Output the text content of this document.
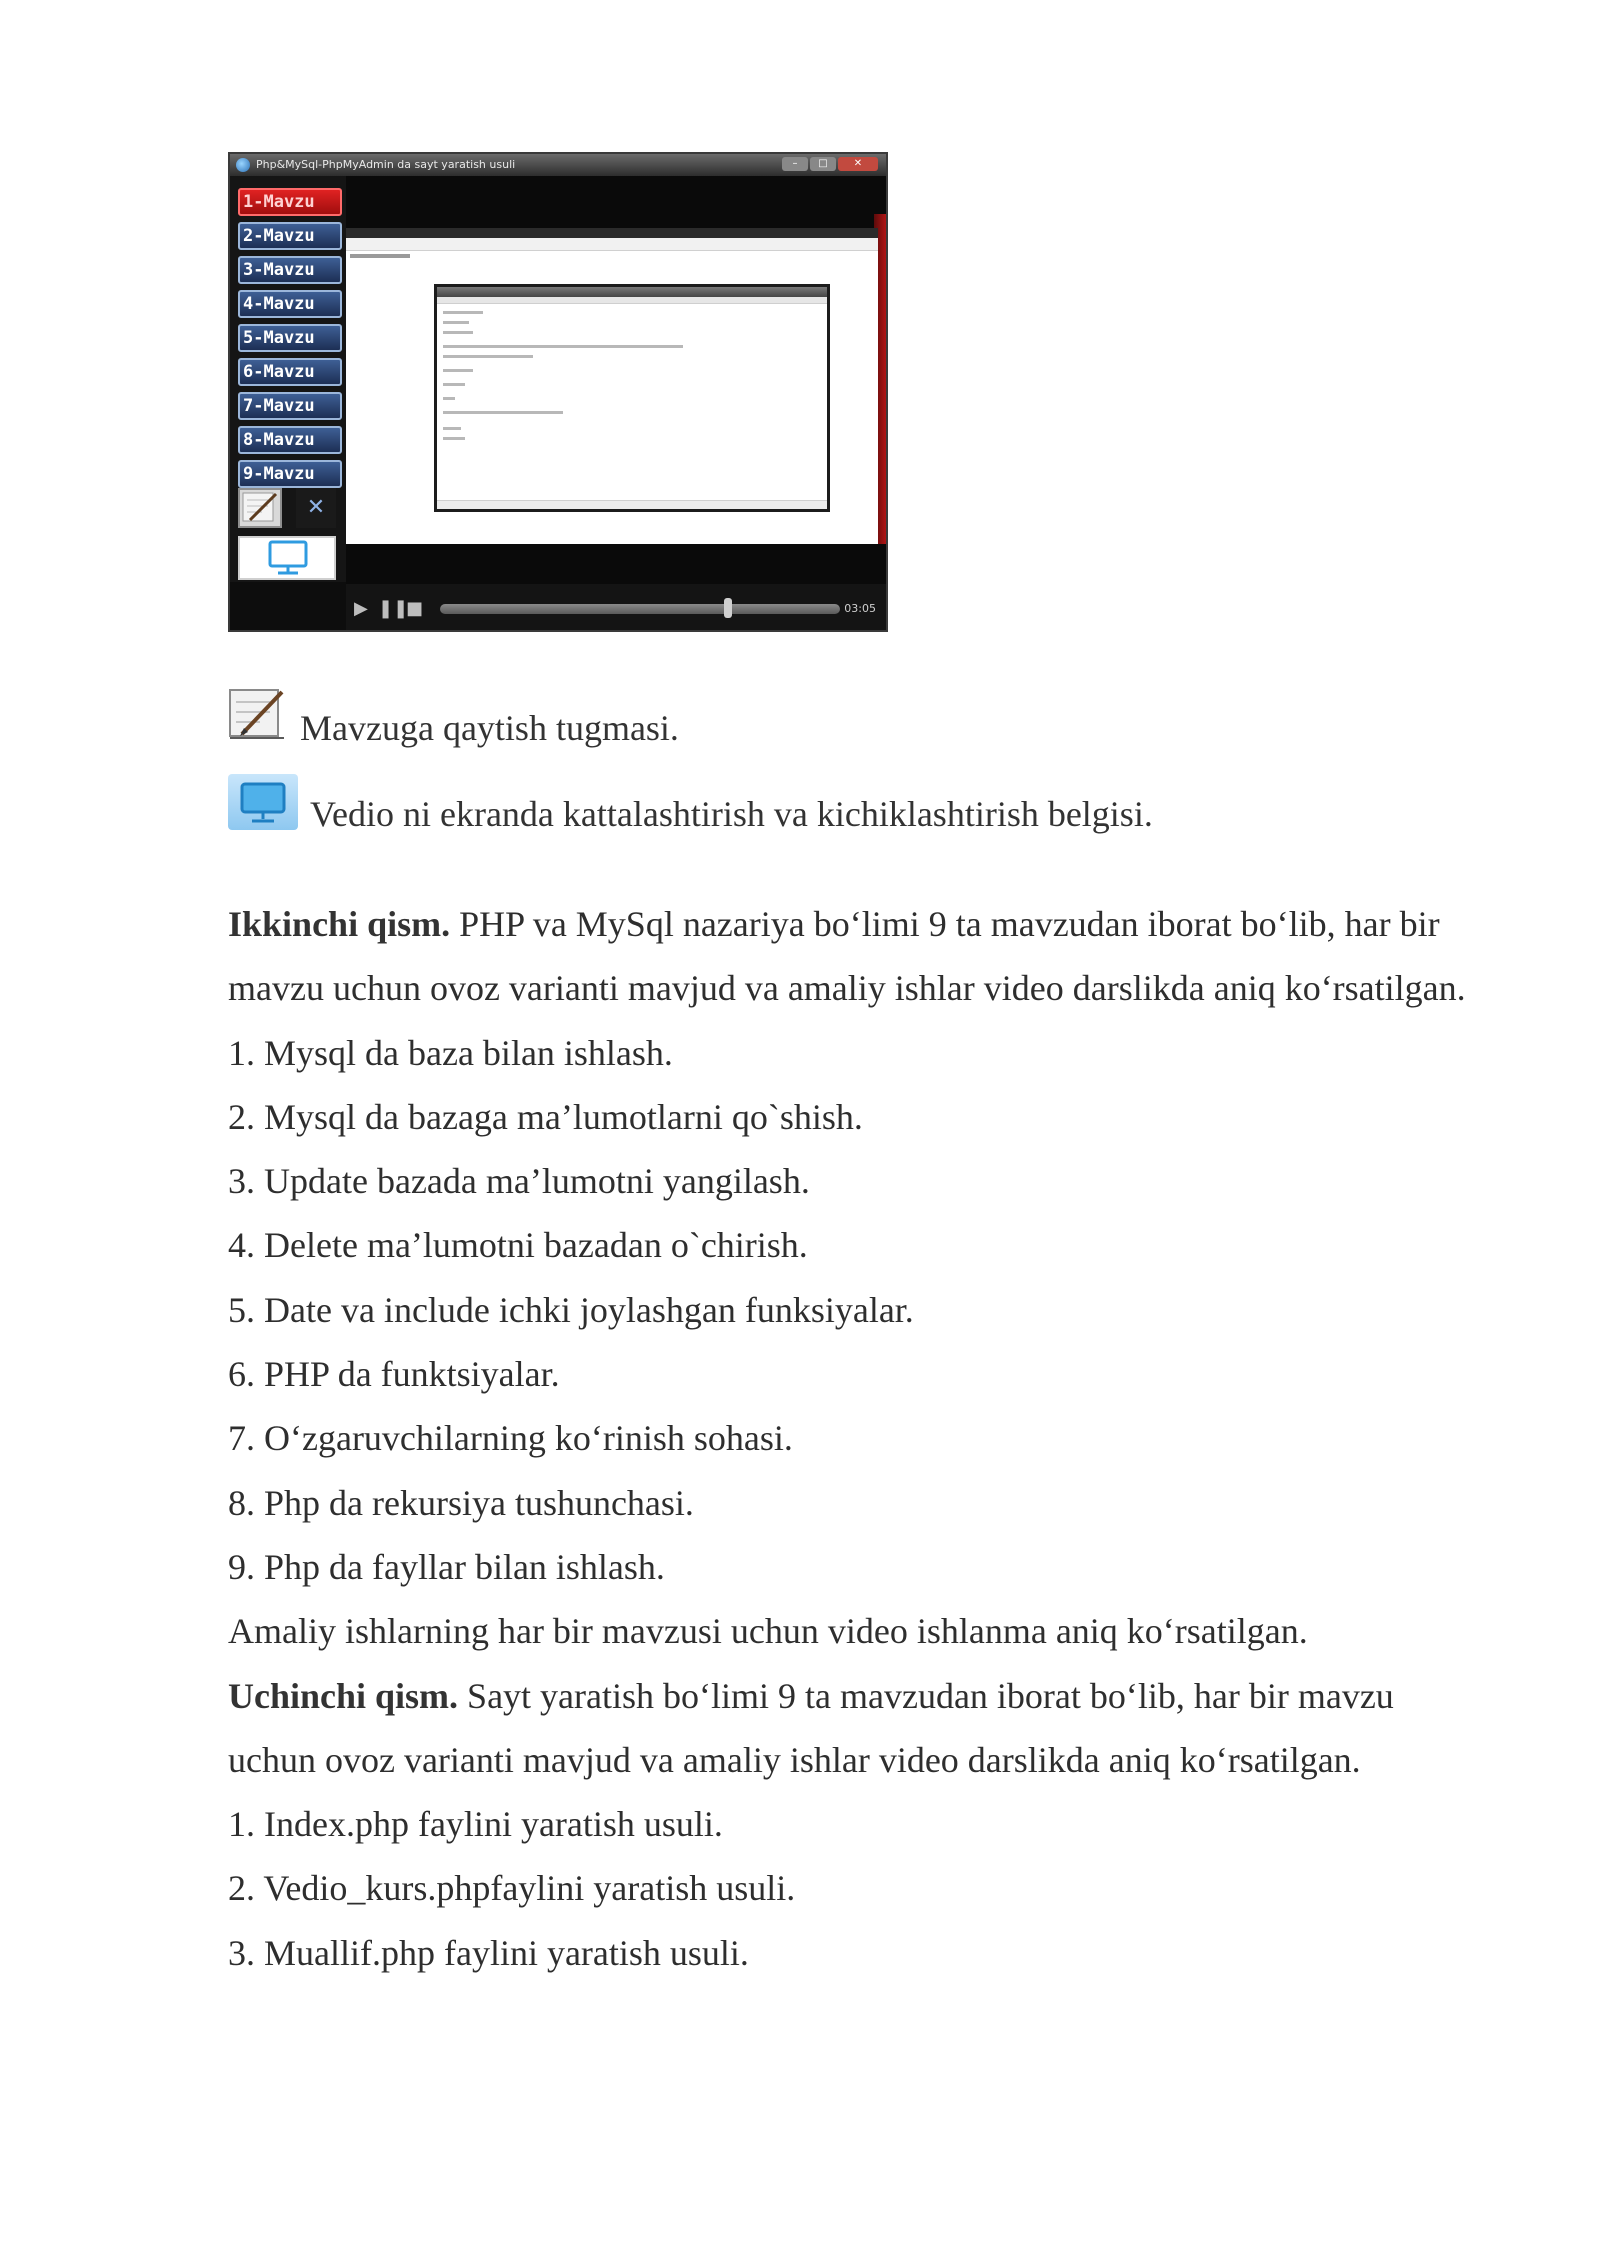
Php&MySql-PhpMyAdmin da sayt yaratish usuli	–	□	✕
1-Mavzu
2-Mavzu
3-Mavzu
4-Mavzu
5-Mavzu
6-Mavzu
7-Mavzu
8-Mavzu
9-Mavzu
✕
▶ ❚❚
■	03:05
Mavzuga qaytish tugmasi.
Vedio ni ekranda kattalashtirish va kichiklashtirish belgisi.

Ikkinchi qism. PHP va MySql nazariya bo‘limi 9 ta mavzudan iborat bo‘lib, har bir mavzu uchun ovoz varianti mavjud va amaliy ishlar video darslikda aniq ko‘rsatilgan.

1. Mysql da baza bilan ishlash.

2. Mysql da bazaga ma’lumotlarni qo`shish.

3. Update bazada ma’lumotni yangilash.

4. Delete ma’lumotni bazadan o`chirish.

5. Date va include ichki joylashgan funksiyalar.

6. PHP da funktsiyalar.

7. O‘zgaruvchilarning ko‘rinish sohasi.

8. Php da rekursiya tushunchasi.

9. Php da fayllar bilan ishlash.

Amaliy ishlarning har bir mavzusi uchun video ishlanma aniq ko‘rsatilgan.

Uchinchi qism. Sayt yaratish bo‘limi 9 ta mavzudan iborat bo‘lib, har bir mavzu uchun ovoz varianti mavjud va amaliy ishlar video darslikda aniq ko‘rsatilgan.

1. Index.php faylini yaratish usuli.

2. Vedio_kurs.phpfaylini yaratish usuli.

3. Muallif.php faylini yaratish usuli.
